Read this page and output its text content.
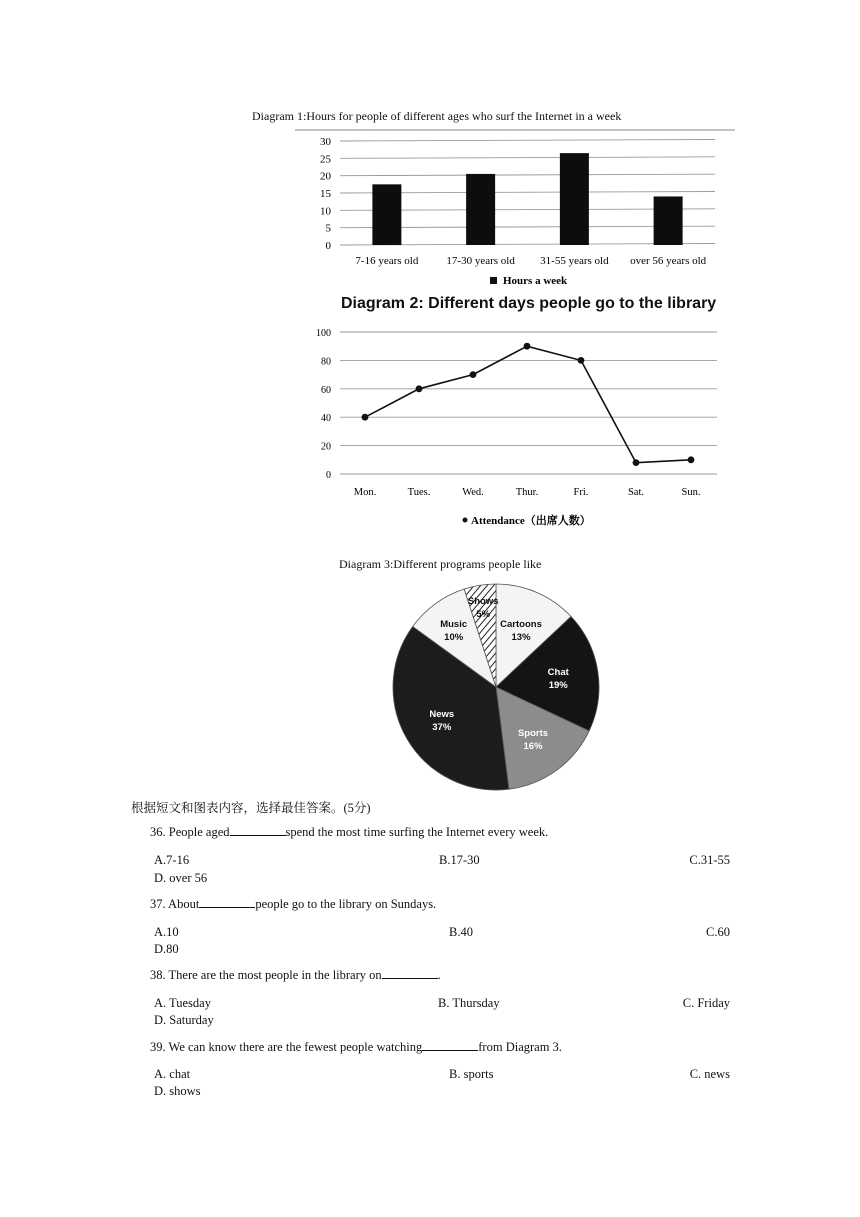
Diagram 1:Hours for people of different ages who surf the Internet in a week
0
5
10
15
20
25
30
7-16 years old	17-30 years old 31-55 years old over 56 years old
Hours a week
Diagram 2: Different days people go to the library
0
20
40
60
80
100
Mon.	Tues.	Wed.	Thur.	Fri.	Sat.	Sun.
Attendance（出席人数）
Diagram 3:Different programs people like
Cartoons
13%
Chat
19%
Sports
16%
News
37%
Music
10%
Shows
5%
根据短文和图表内容，选择最佳答案。(5分)
36. People aged	spend the most time surfing the Internet every week.
A.7-16	B.17-30	C.31-55
D. over 56
37. About	people go to the library on Sundays.
A.10	B.40	C.60
D.80
38. There are the most people in the library on	.
A. Tuesday	B. Thursday	C. Friday
D. Saturday
39. We can know there are the fewest people watching	from Diagram 3.
A. chat	B. sports	C. news
D. shows
